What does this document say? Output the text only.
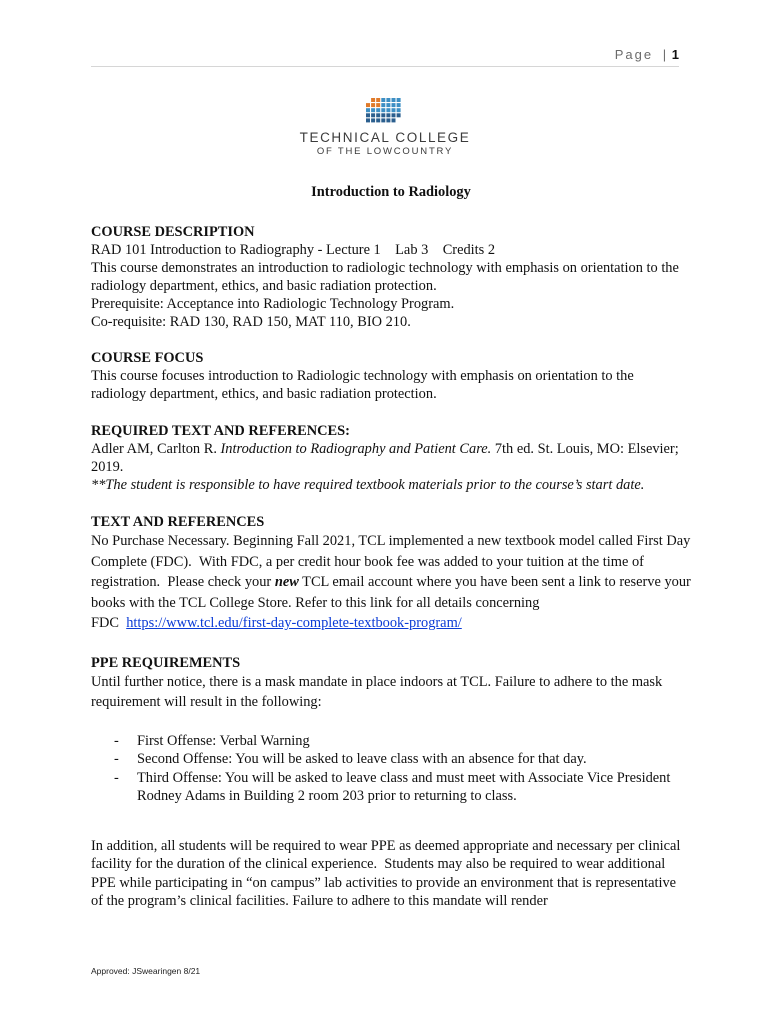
Page | 1
TECHNICAL COLLEGE
OF THE LOWCOUNTRY

Introduction to Radiology

COURSE DESCRIPTION

RAD 101 Introduction to Radiography - Lecture 1    Lab 3    Credits 2

This course demonstrates an introduction to radiologic technology with emphasis on orientation to the radiology department, ethics, and basic radiation protection.

Prerequisite: Acceptance into Radiologic Technology Program.

Co-requisite: RAD 130, RAD 150, MAT 110, BIO 210.

COURSE FOCUS

This course focuses introduction to Radiologic technology with emphasis on orientation to the radiology department, ethics, and basic radiation protection.

REQUIRED TEXT AND REFERENCES:

Adler AM, Carlton R. Introduction to Radiography and Patient Care. 7th ed. St. Louis, MO: Elsevier; 2019.

**The student is responsible to have required textbook materials prior to the course’s start date.

TEXT AND REFERENCES

No Purchase Necessary. Beginning Fall 2021, TCL implemented a new textbook model called First Day Complete (FDC).  With FDC, a per credit hour book fee was added to your tuition at the time of registration.  Please check your new TCL email account where you have been sent a link to reserve your books with the TCL College Store. Refer to this link for all details concerning FDC  https://www.tcl.edu/first-day-complete-textbook-program/

PPE REQUIREMENTS

Until further notice, there is a mask mandate in place indoors at TCL. Failure to adhere to the mask requirement will result in the following:

- First Offense: Verbal Warning
- Second Offense: You will be asked to leave class with an absence for that day.
- Third Offense: You will be asked to leave class and must meet with Associate Vice President Rodney Adams in Building 2 room 203 prior to returning to class.

In addition, all students will be required to wear PPE as deemed appropriate and necessary per clinical facility for the duration of the clinical experience.  Students may also be required to wear additional PPE while participating in “on campus” lab activities to provide an environment that is representative of the program’s clinical facilities. Failure to adhere to this mandate will render

Approved: JSwearingen 8/21
